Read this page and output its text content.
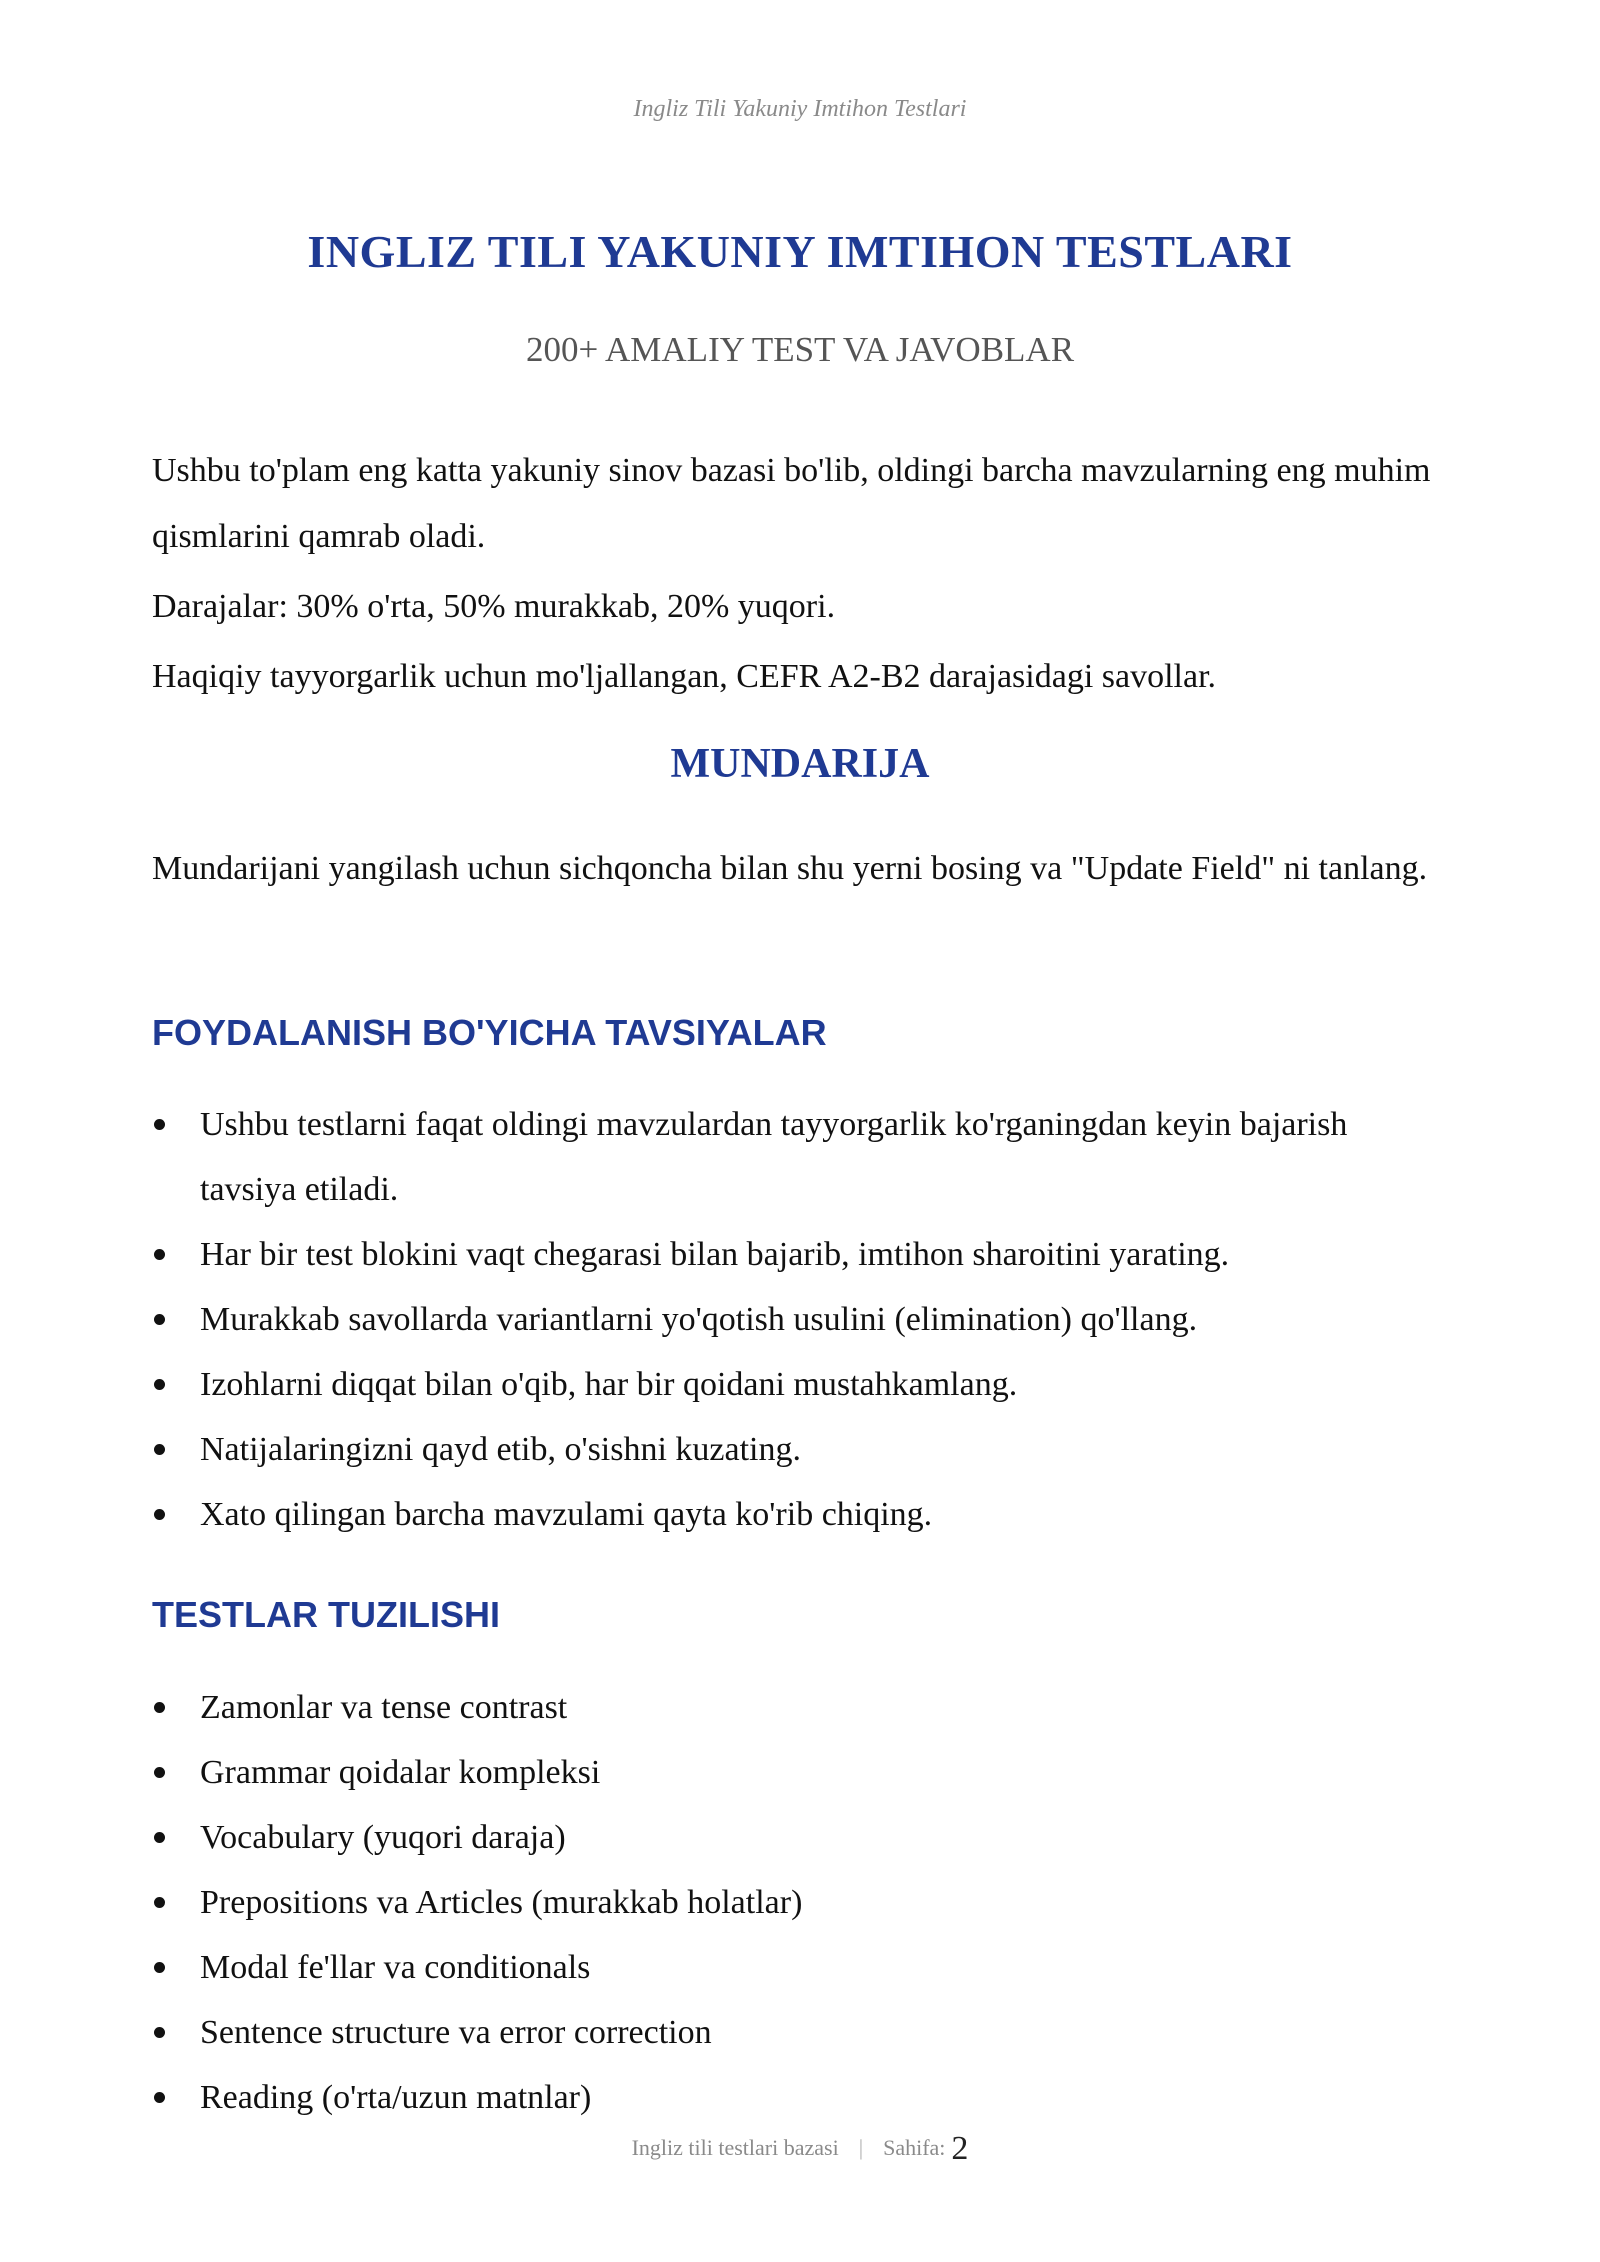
Ingliz Tili Yakuniy Imtihon Testlari
INGLIZ TILI YAKUNIY IMTIHON TESTLARI
200+ AMALIY TEST VA JAVOBLAR

Ushbu to'plam eng katta yakuniy sinov bazasi bo'lib, oldingi barcha mavzularning eng muhim qismlarini qamrab oladi.

Darajalar: 30% o'rta, 50% murakkab, 20% yuqori.

Haqiqiy tayyorgarlik uchun mo'ljallangan, CEFR A2-B2 darajasidagi savollar.

MUNDARIJA

Mundarijani yangilash uchun sichqoncha bilan shu yerni bosing va "Update Field" ni tanlang.

FOYDALANISH BO'YICHA TAVSIYALAR
Ushbu testlarni faqat oldingi mavzulardan tayyorgarlik ko'rganingdan keyin bajarish tavsiya etiladi.
Har bir test blokini vaqt chegarasi bilan bajarib, imtihon sharoitini yarating.
Murakkab savollarda variantlarni yo'qotish usulini (elimination) qo'llang.
Izohlarni diqqat bilan o'qib, har bir qoidani mustahkamlang.
Natijalaringizni qayd etib, o'sishni kuzating.
Xato qilingan barcha mavzulami qayta ko'rib chiqing.
TESTLAR TUZILISHI
Zamonlar va tense contrast
Grammar qoidalar kompleksi
Vocabulary (yuqori daraja)
Prepositions va Articles (murakkab holatlar)
Modal fe'llar va conditionals
Sentence structure va error correction
Reading (o'rta/uzun matnlar)
Ingliz tili testlari bazasi | Sahifa: 2
